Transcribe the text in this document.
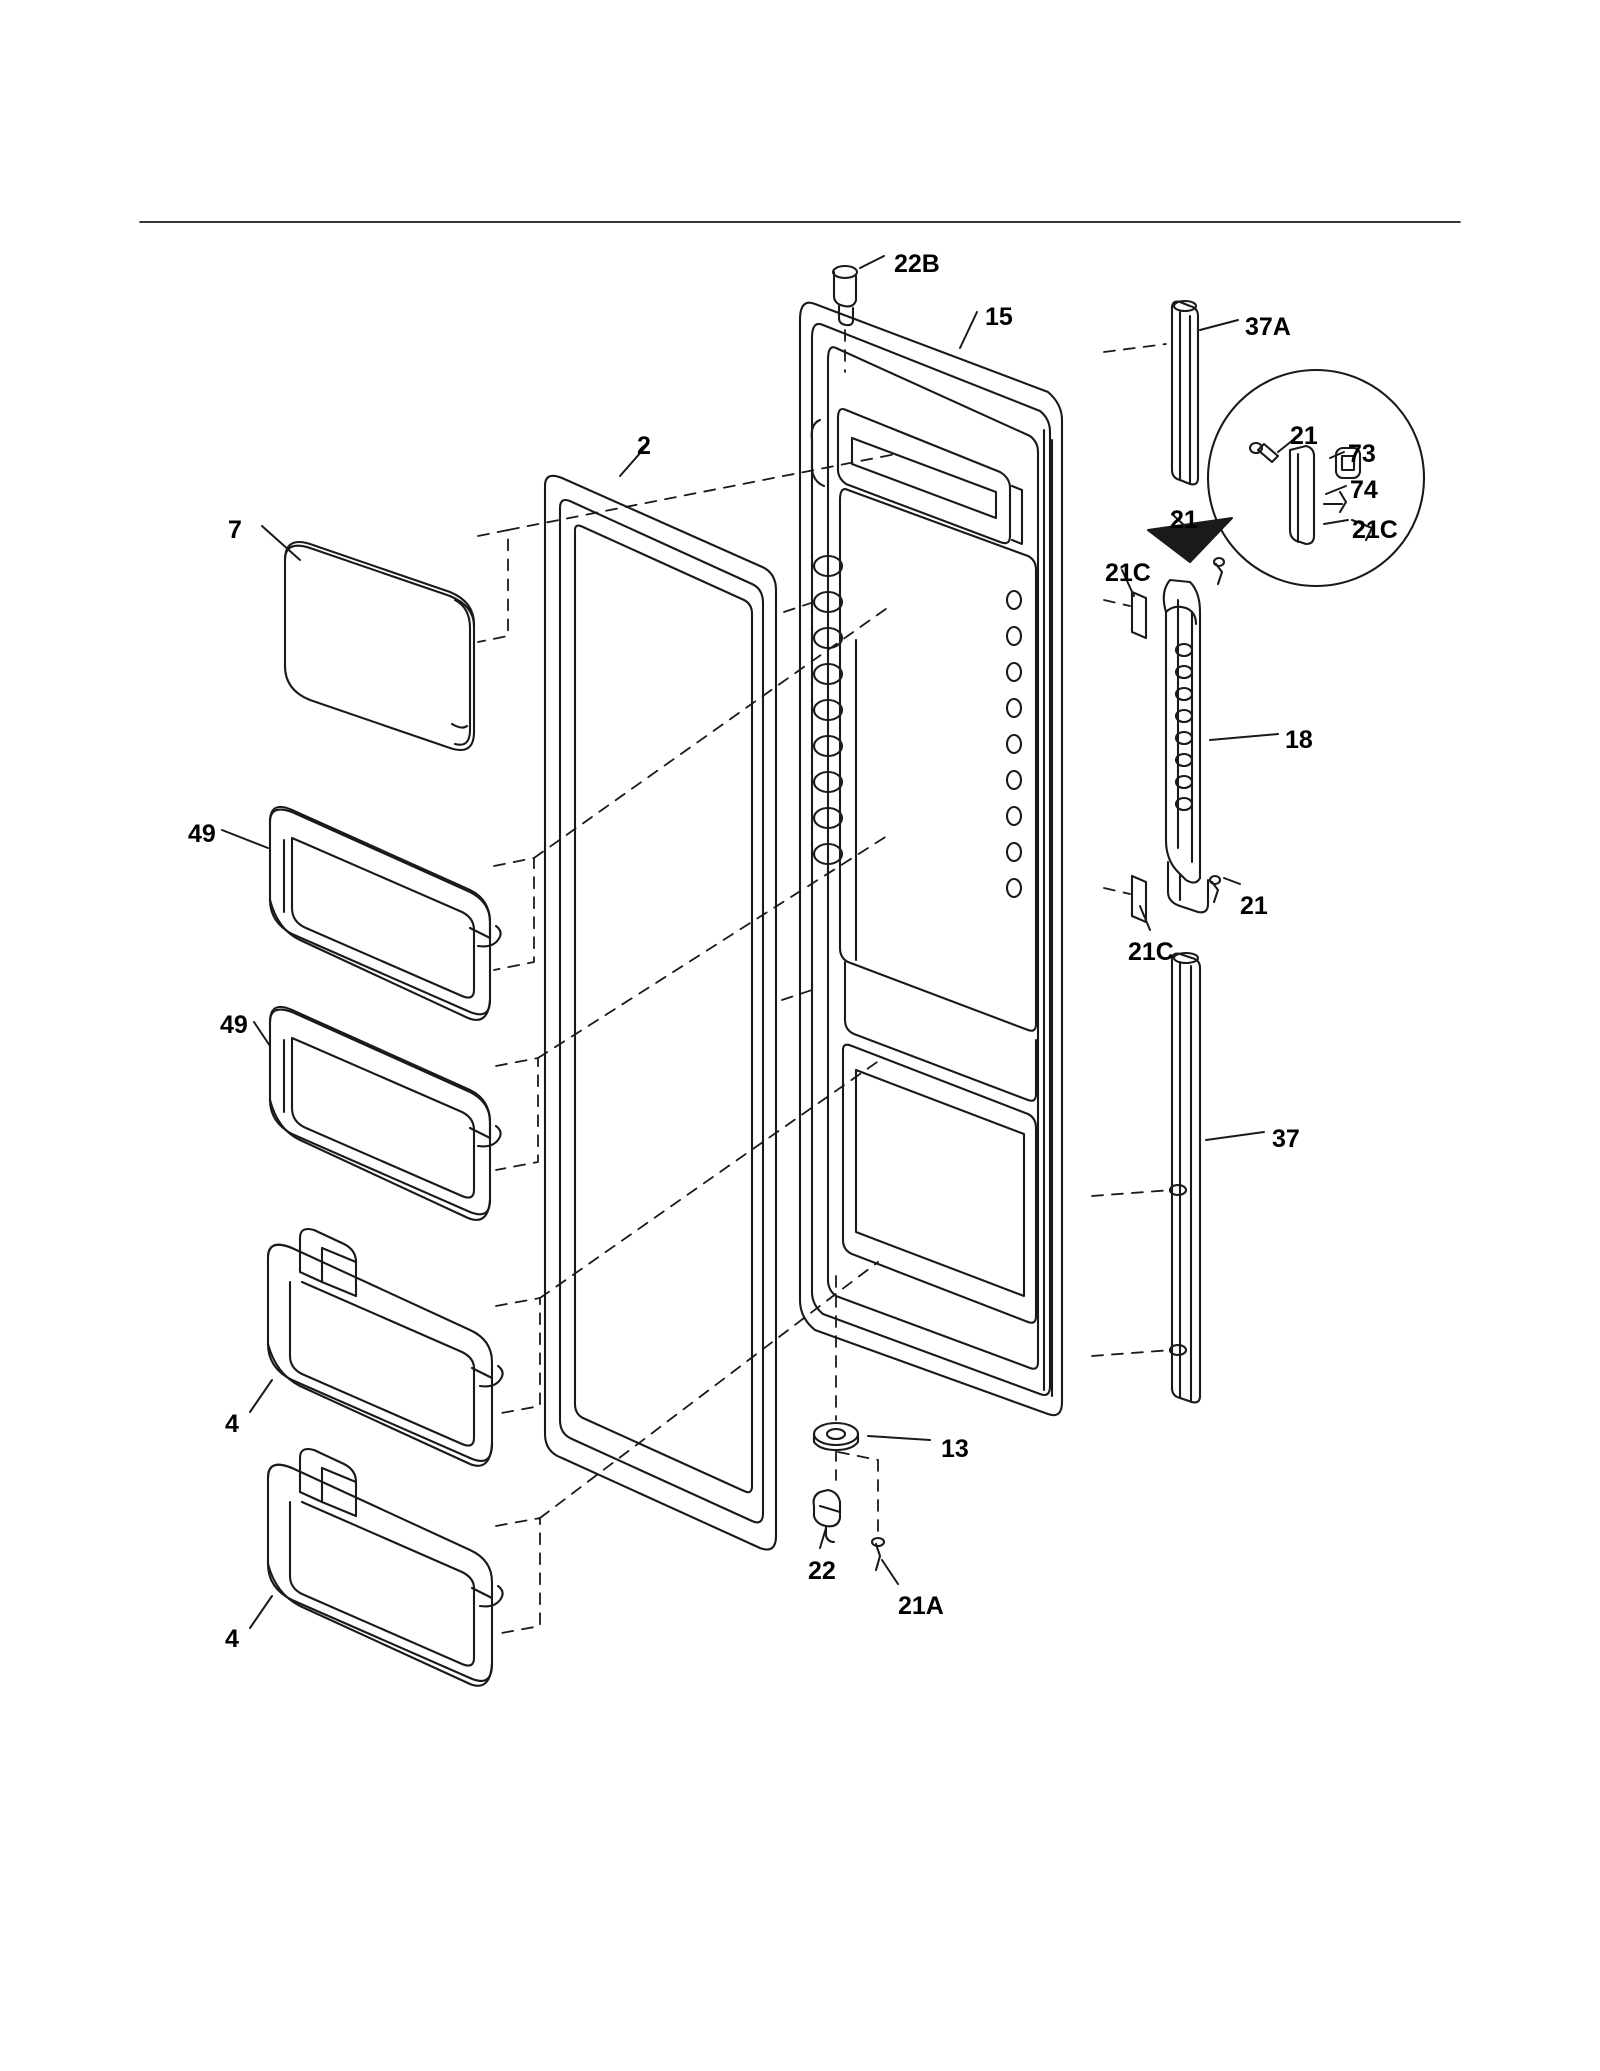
22B
15	37A
2	21
73
74
21C
21
7
21C
18
49
21
21C
49
37
4
13
22
21A
4
